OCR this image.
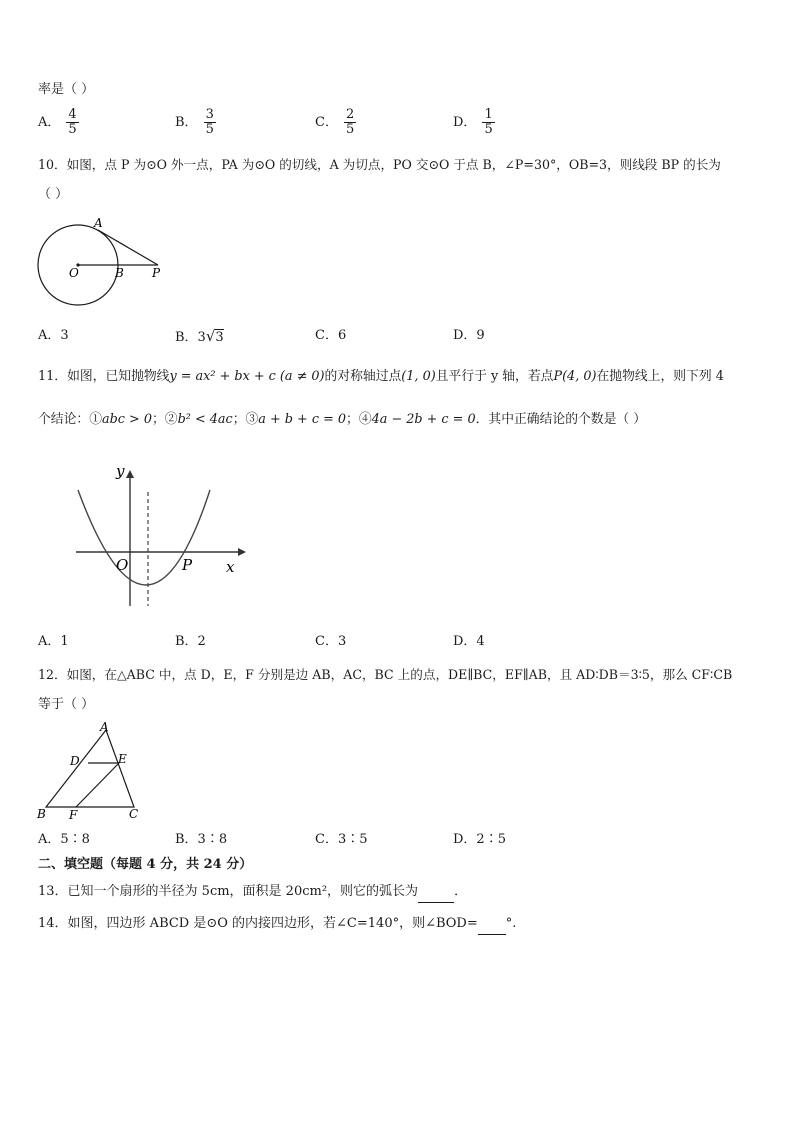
率是（ ）
A． $\frac{4}{5}$	B． $\frac{3}{5}$	C． $\frac{2}{5}$	D． $\frac{1}{5}$
10．如图，点 P 为⊙O 外一点，PA 为⊙O 的切线，A 为切点，PO 交⊙O 于点 B，∠P=30°，OB=3，则线段 BP 的长为
（ ）
A
O	B P
A．3	B．3√3	C．6	D．9
11．如图，已知抛物线y = ax² + bx + c (a ≠ 0)的对称轴过点(1, 0)且平行于 y 轴，若点P(4, 0)在抛物线上，则下列 4
个结论：①abc > 0；②b² < 4ac；③a + b + c = 0；④4a − 2b + c = 0．其中正确结论的个数是（ ）
y
O	P x
A．1	B．2	C．3	D．4
12．如图，在△ABC 中，点 D，E，F 分别是边 AB，AC，BC 上的点，DE∥BC，EF∥AB，且 AD∶DB＝3∶5，那么 CF∶CB
等于（ ）
A
D	E
B F	C
A．5∶8	B．3∶8	C．3∶5	D．2∶5
二、填空题（每题 4 分，共 24 分）
13．已知一个扇形的半径为 5cm，面积是 20cm²，则它的弧长为	．
14．如图，四边形 ABCD 是⊙O 的内接四边形，若∠C=140°，则∠BOD= °.
